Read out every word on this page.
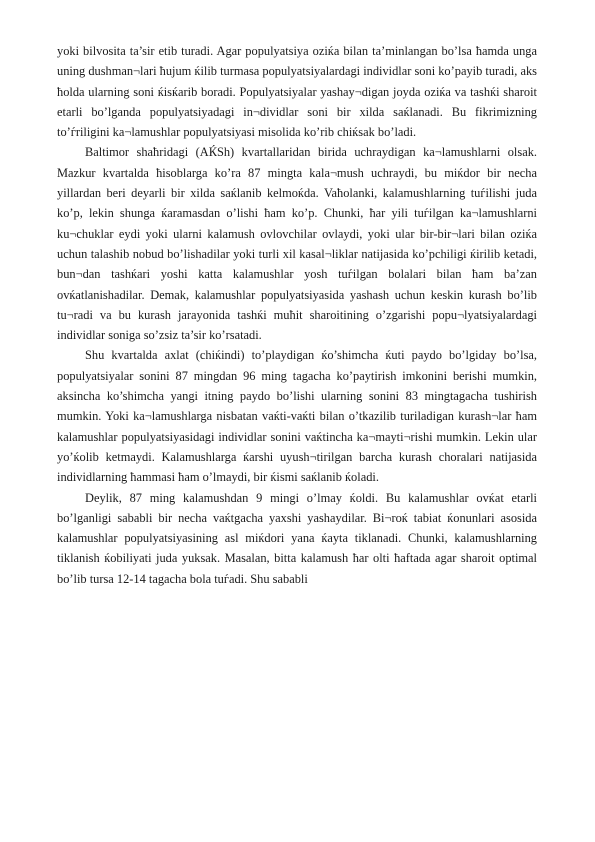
yoki bilvosita ta’sir etib turadi. Agar populyatsiya oziќa bilan ta’minlangan bo’lsa ћamda unga uning dushman¬lari ћujum ќilib turmasa populyatsiyalardagi individlar soni ko’payib turadi, aks ћolda ularning soni ќisќarib boradi. Populyatsiyalar yashay¬digan joyda oziќa va tashќi sharoit etarli bo’lganda populyatsiyadagi in¬dividlar soni bir xilda saќlanadi. Bu fikrimizning to’ѓriligini ka¬lamushlar populyatsiyasi misolida ko’rib chiќsak bo’ladi.

Baltimor shaћridagi (AЌSh) kvartallaridan birida uchraydigan ka¬lamushlarni olsak. Mazkur kvartalda ћisoblarga ko’ra 87 mingta kala¬mush uchraydi, bu miќdor bir necha yillardan beri deyarli bir xilda saќlanib kelmoќda. Vaћolanki, kalamushlarning tuѓilishi juda ko’p, lekin shunga ќaramasdan o’lishi ћam ko’p. Chunki, ћar yili tuѓilgan ka¬lamushlarni ku¬chuklar eydi yoki ularni kalamush ovlovchilar ovlaydi, yoki ular bir-bir¬lari bilan oziќa uchun talashib nobud bo’lishadilar yoki turli xil kasal¬liklar natijasida ko’pchiligi ќirilib ketadi, bun¬dan tashќari yoshi katta kalamushlar yosh tuѓilgan bolalari bilan ћam ba’zan ovќatlanishadilar. Demak, kalamushlar populyatsiyasida yashash uchun keskin kurash bo’lib tu¬radi va bu kurash jarayonida tashќi muћit sharoitining o’zgarishi popu¬lyatsiyalardagi individlar sonigа so’zsiz ta’sir ko’rsatadi.

Shu kvartalda axlat (chiќindi) to’playdigan ќo’shimcha ќuti paydo bo’lgiday bo’lsa, populyatsiyalar sonini 87 mingdan 96 ming tagacha ko’paytirish imkonini berishi mumkin, aksincha ko’shimcha yangi itning paydo bo’lishi ularning sonini 83 mingtagacha tushirish mumkin. Yoki ka¬lamushlarga nisbatan vaќti-vaќti bilan o’tkazilib turiladigan kurash¬lar ћam kalamushlar populyatsiyasidagi individlar sonini vaќtincha ka¬mayti¬rishi mumkin. Lekin ular yo’ќolib ketmaydi. Kalamushlarga ќarshi uyush¬tirilgan barcha kurash choralari natijasida individlarning ћammasi ћam o’lmaydi, bir ќismi saќlanib ќoladi.

Deylik, 87 ming kalamushdan 9 mingi o’lmay ќoldi. Bu kalamushlar ovќat etarli bo’lganligi sababli bir necha vaќtgacha yaxshi yashaydilar. Bi¬roќ tabiat ќonunlari asosida kalamushlar populyatsiyasining asl miќdori yana ќayta tiklanadi. Chunki, kalamushlarning tiklanish ќobiliyati juda yuksak. Masalan, bitta kalamush ћar olti ћaftada agar sharoit optimal bo’lib tursa 12-14 tagacha bola tuѓadi. Shu sababli
